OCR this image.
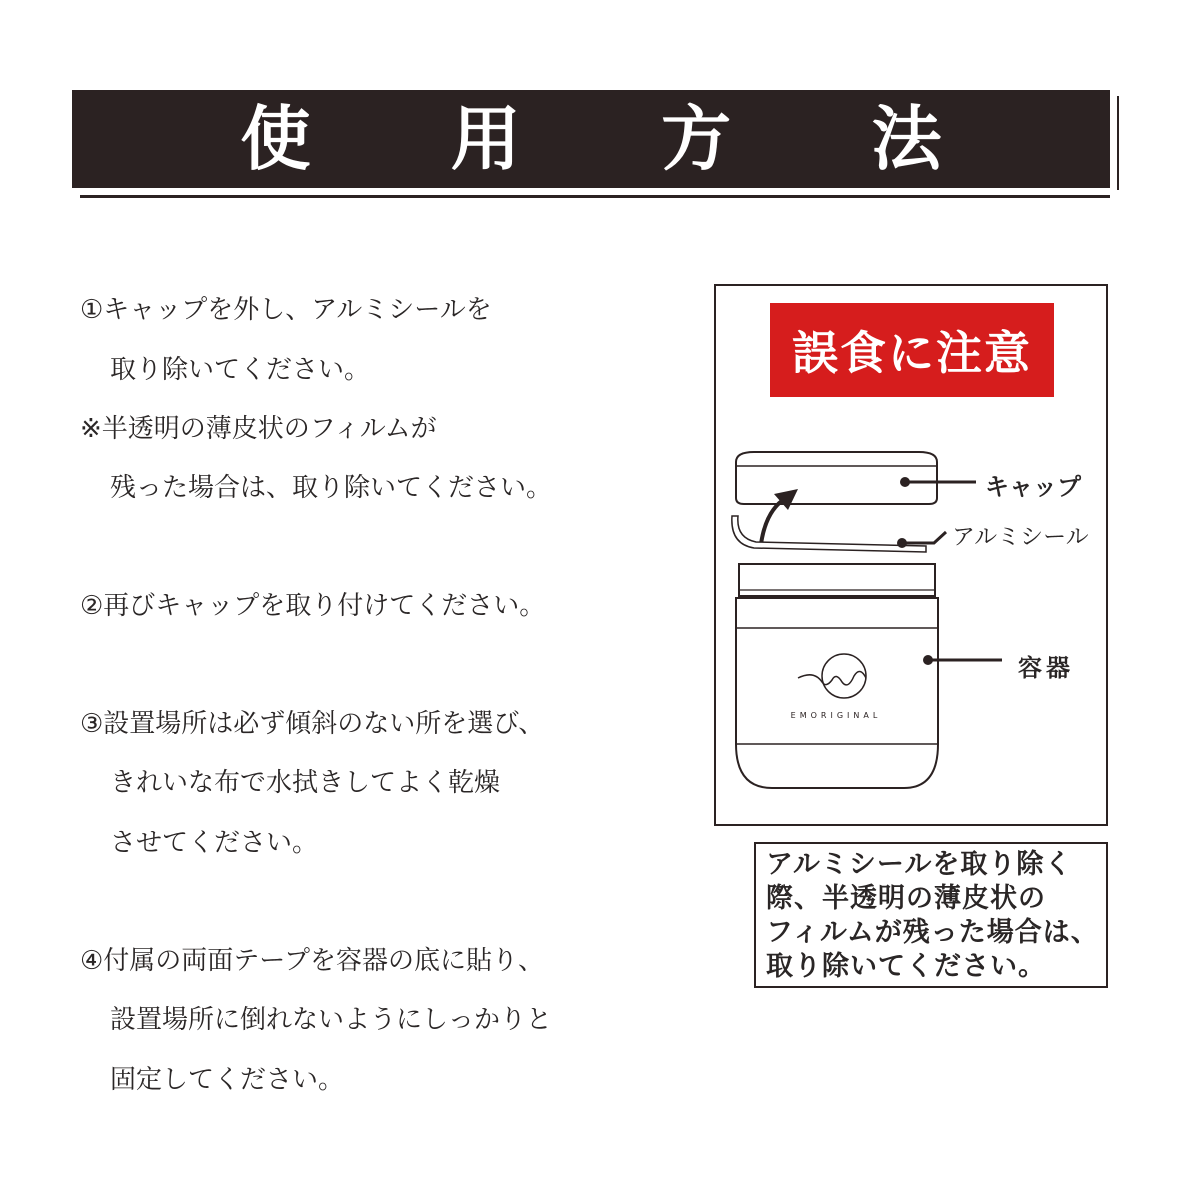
使 用 方 法
①キャップを外し、アルミシールを
取り除いてください。
※半透明の薄皮状のフィルムが
残った場合は、取り除いてください。
②再びキャップを取り付けてください。
③設置場所は必ず傾斜のない所を選び、
きれいな布で水拭きしてよく乾燥
させてください。
④付属の両面テープを容器の底に貼り、
設置場所に倒れないようにしっかりと
固定してください。
誤食に注意
EMORIGINAL
キャップ
アルミシール
容器
アルミシールを取り除く
際、半透明の薄皮状の
フィルムが残った場合は、
取り除いてください。
